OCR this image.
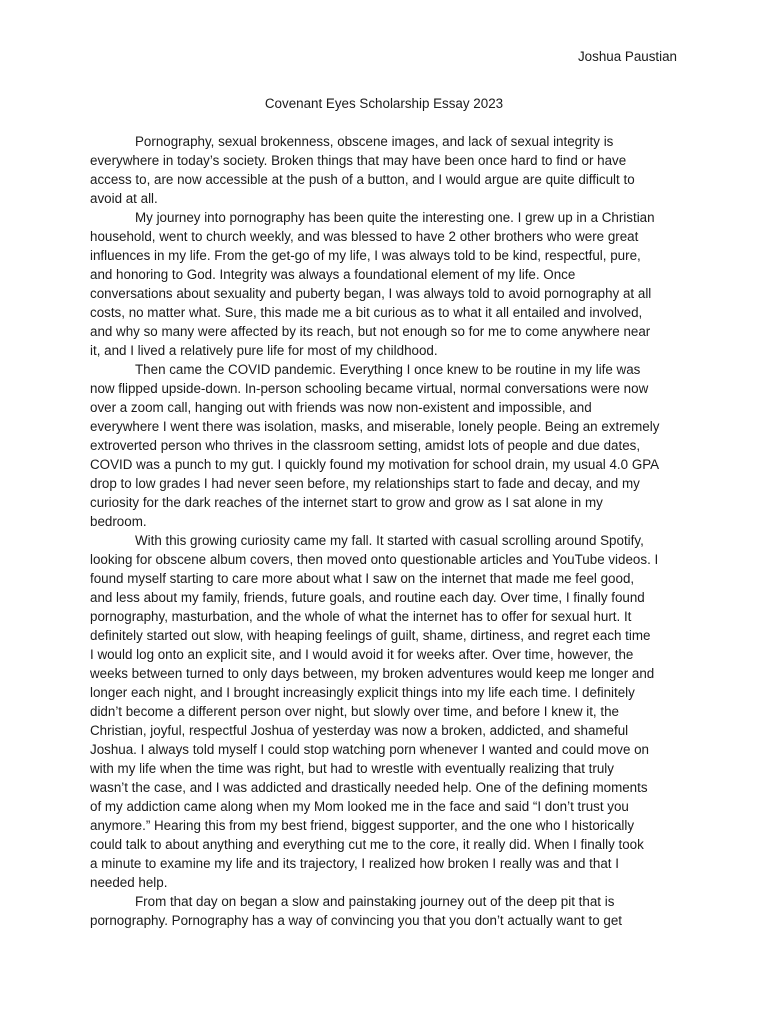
Joshua Paustian
Covenant Eyes Scholarship Essay 2023
Pornography, sexual brokenness, obscene images, and lack of sexual integrity is
everywhere in today’s society. Broken things that may have been once hard to find or have
access to, are now accessible at the push of a button, and I would argue are quite difficult to
avoid at all.
My journey into pornography has been quite the interesting one. I grew up in a Christian
household, went to church weekly, and was blessed to have 2 other brothers who were great
influences in my life. From the get-go of my life, I was always told to be kind, respectful, pure,
and honoring to God. Integrity was always a foundational element of my life. Once
conversations about sexuality and puberty began, I was always told to avoid pornography at all
costs, no matter what. Sure, this made me a bit curious as to what it all entailed and involved,
and why so many were affected by its reach, but not enough so for me to come anywhere near
it, and I lived a relatively pure life for most of my childhood.
Then came the COVID pandemic. Everything I once knew to be routine in my life was
now flipped upside-down. In-person schooling became virtual, normal conversations were now
over a zoom call, hanging out with friends was now non-existent and impossible, and
everywhere I went there was isolation, masks, and miserable, lonely people. Being an extremely
extroverted person who thrives in the classroom setting, amidst lots of people and due dates,
COVID was a punch to my gut. I quickly found my motivation for school drain, my usual 4.0 GPA
drop to low grades I had never seen before, my relationships start to fade and decay, and my
curiosity for the dark reaches of the internet start to grow and grow as I sat alone in my
bedroom.
With this growing curiosity came my fall. It started with casual scrolling around Spotify,
looking for obscene album covers, then moved onto questionable articles and YouTube videos. I
found myself starting to care more about what I saw on the internet that made me feel good,
and less about my family, friends, future goals, and routine each day. Over time, I finally found
pornography, masturbation, and the whole of what the internet has to offer for sexual hurt. It
definitely started out slow, with heaping feelings of guilt, shame, dirtiness, and regret each time
I would log onto an explicit site, and I would avoid it for weeks after. Over time, however, the
weeks between turned to only days between, my broken adventures would keep me longer and
longer each night, and I brought increasingly explicit things into my life each time. I definitely
didn’t become a different person over night, but slowly over time, and before I knew it, the
Christian, joyful, respectful Joshua of yesterday was now a broken, addicted, and shameful
Joshua. I always told myself I could stop watching porn whenever I wanted and could move on
with my life when the time was right, but had to wrestle with eventually realizing that truly
wasn’t the case, and I was addicted and drastically needed help. One of the defining moments
of my addiction came along when my Mom looked me in the face and said “I don’t trust you
anymore.” Hearing this from my best friend, biggest supporter, and the one who I historically
could talk to about anything and everything cut me to the core, it really did. When I finally took
a minute to examine my life and its trajectory, I realized how broken I really was and that I
needed help.
From that day on began a slow and painstaking journey out of the deep pit that is
pornography. Pornography has a way of convincing you that you don’t actually want to get
